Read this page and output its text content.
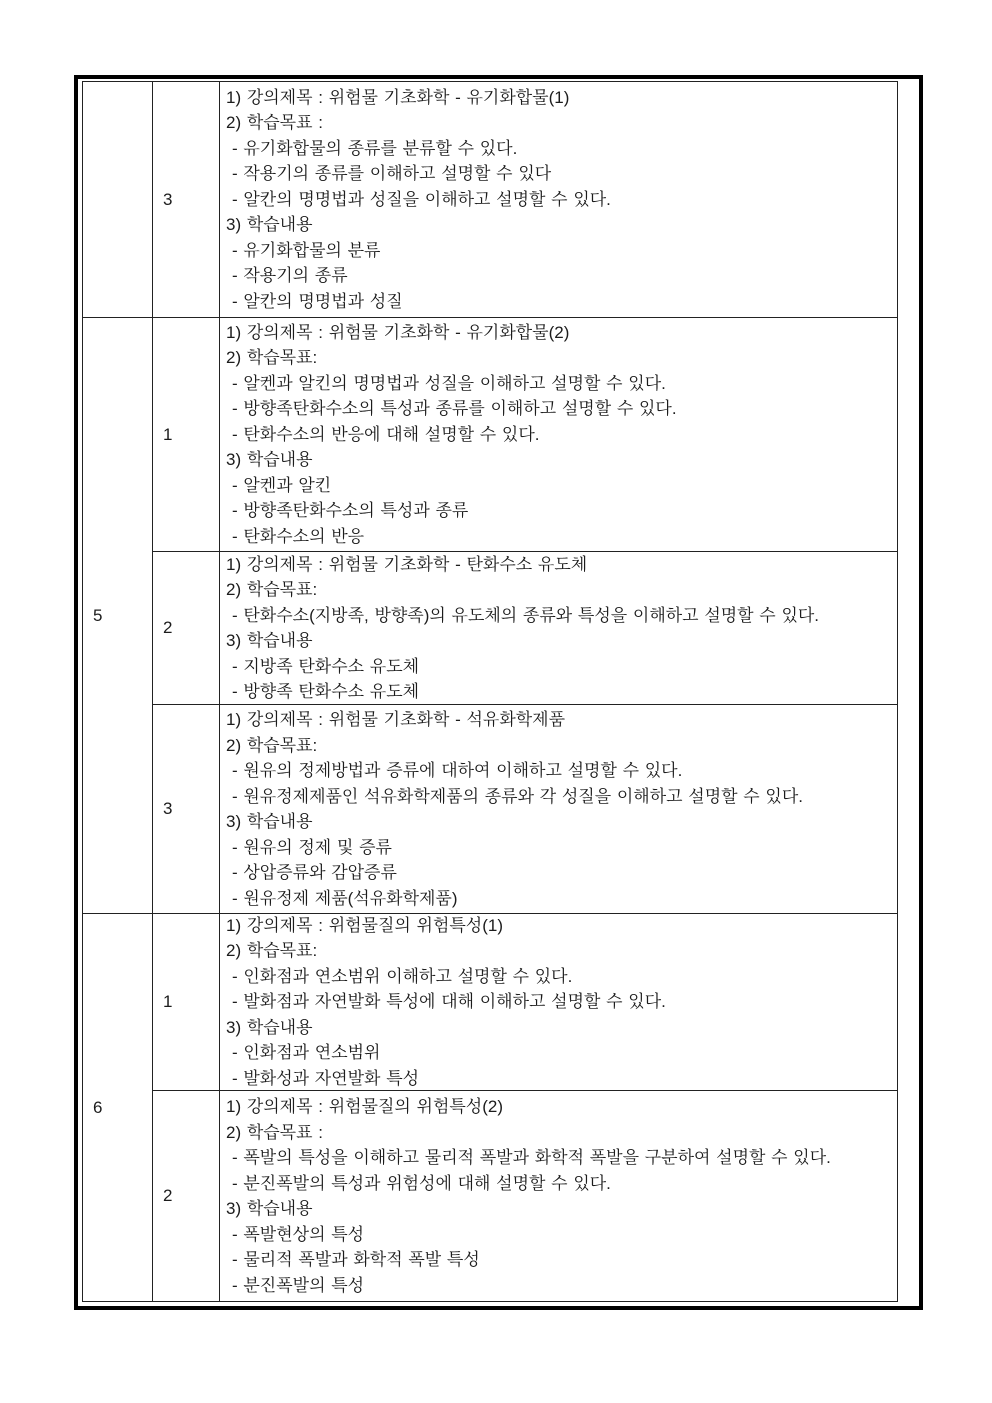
3
1) 강의제목 : 위험물 기초화학 - 유기화합물(1)
2) 학습목표 :
- 유기화합물의 종류를 분류할 수 있다.
- 작용기의 종류를 이해하고 설명할 수 있다
- 알칸의 명명법과 성질을 이해하고 설명할 수 있다.
3) 학습내용
- 유기화합물의 분류
- 작용기의 종류
- 알칸의 명명법과 성질
5
1
1) 강의제목 : 위험물 기초화학 - 유기화합물(2)
2) 학습목표:
- 알켄과 알킨의 명명법과 성질을 이해하고 설명할 수 있다.
- 방향족탄화수소의 특성과 종류를 이해하고 설명할 수 있다.
- 탄화수소의 반응에 대해 설명할 수 있다.
3) 학습내용
- 알켄과 알킨
- 방향족탄화수소의 특성과 종류
- 탄화수소의 반응
2
1) 강의제목 : 위험물 기초화학 - 탄화수소 유도체
2) 학습목표:
- 탄화수소(지방족, 방향족)의 유도체의 종류와 특성을 이해하고 설명할 수 있다.
3) 학습내용
- 지방족 탄화수소 유도체
- 방향족 탄화수소 유도체
3
1) 강의제목 : 위험물 기초화학 - 석유화학제품
2) 학습목표:
- 원유의 정제방법과 증류에 대하여 이해하고 설명할 수 있다.
- 원유정제제품인 석유화학제품의 종류와 각 성질을 이해하고 설명할 수 있다.
3) 학습내용
- 원유의 정제 및 증류
- 상압증류와 감압증류
- 원유정제 제품(석유화학제품)
6
1
1) 강의제목 : 위험물질의 위험특성(1)
2) 학습목표:
- 인화점과 연소범위 이해하고 설명할 수 있다.
- 발화점과 자연발화 특성에 대해 이해하고 설명할 수 있다.
3) 학습내용
- 인화점과 연소범위
- 발화성과 자연발화 특성
2
1) 강의제목 : 위험물질의 위험특성(2)
2) 학습목표 :
- 폭발의 특성을 이해하고 물리적 폭발과 화학적 폭발을 구분하여 설명할 수 있다.
- 분진폭발의 특성과 위험성에 대해 설명할 수 있다.
3) 학습내용
- 폭발현상의 특성
- 물리적 폭발과 화학적 폭발 특성
- 분진폭발의 특성
